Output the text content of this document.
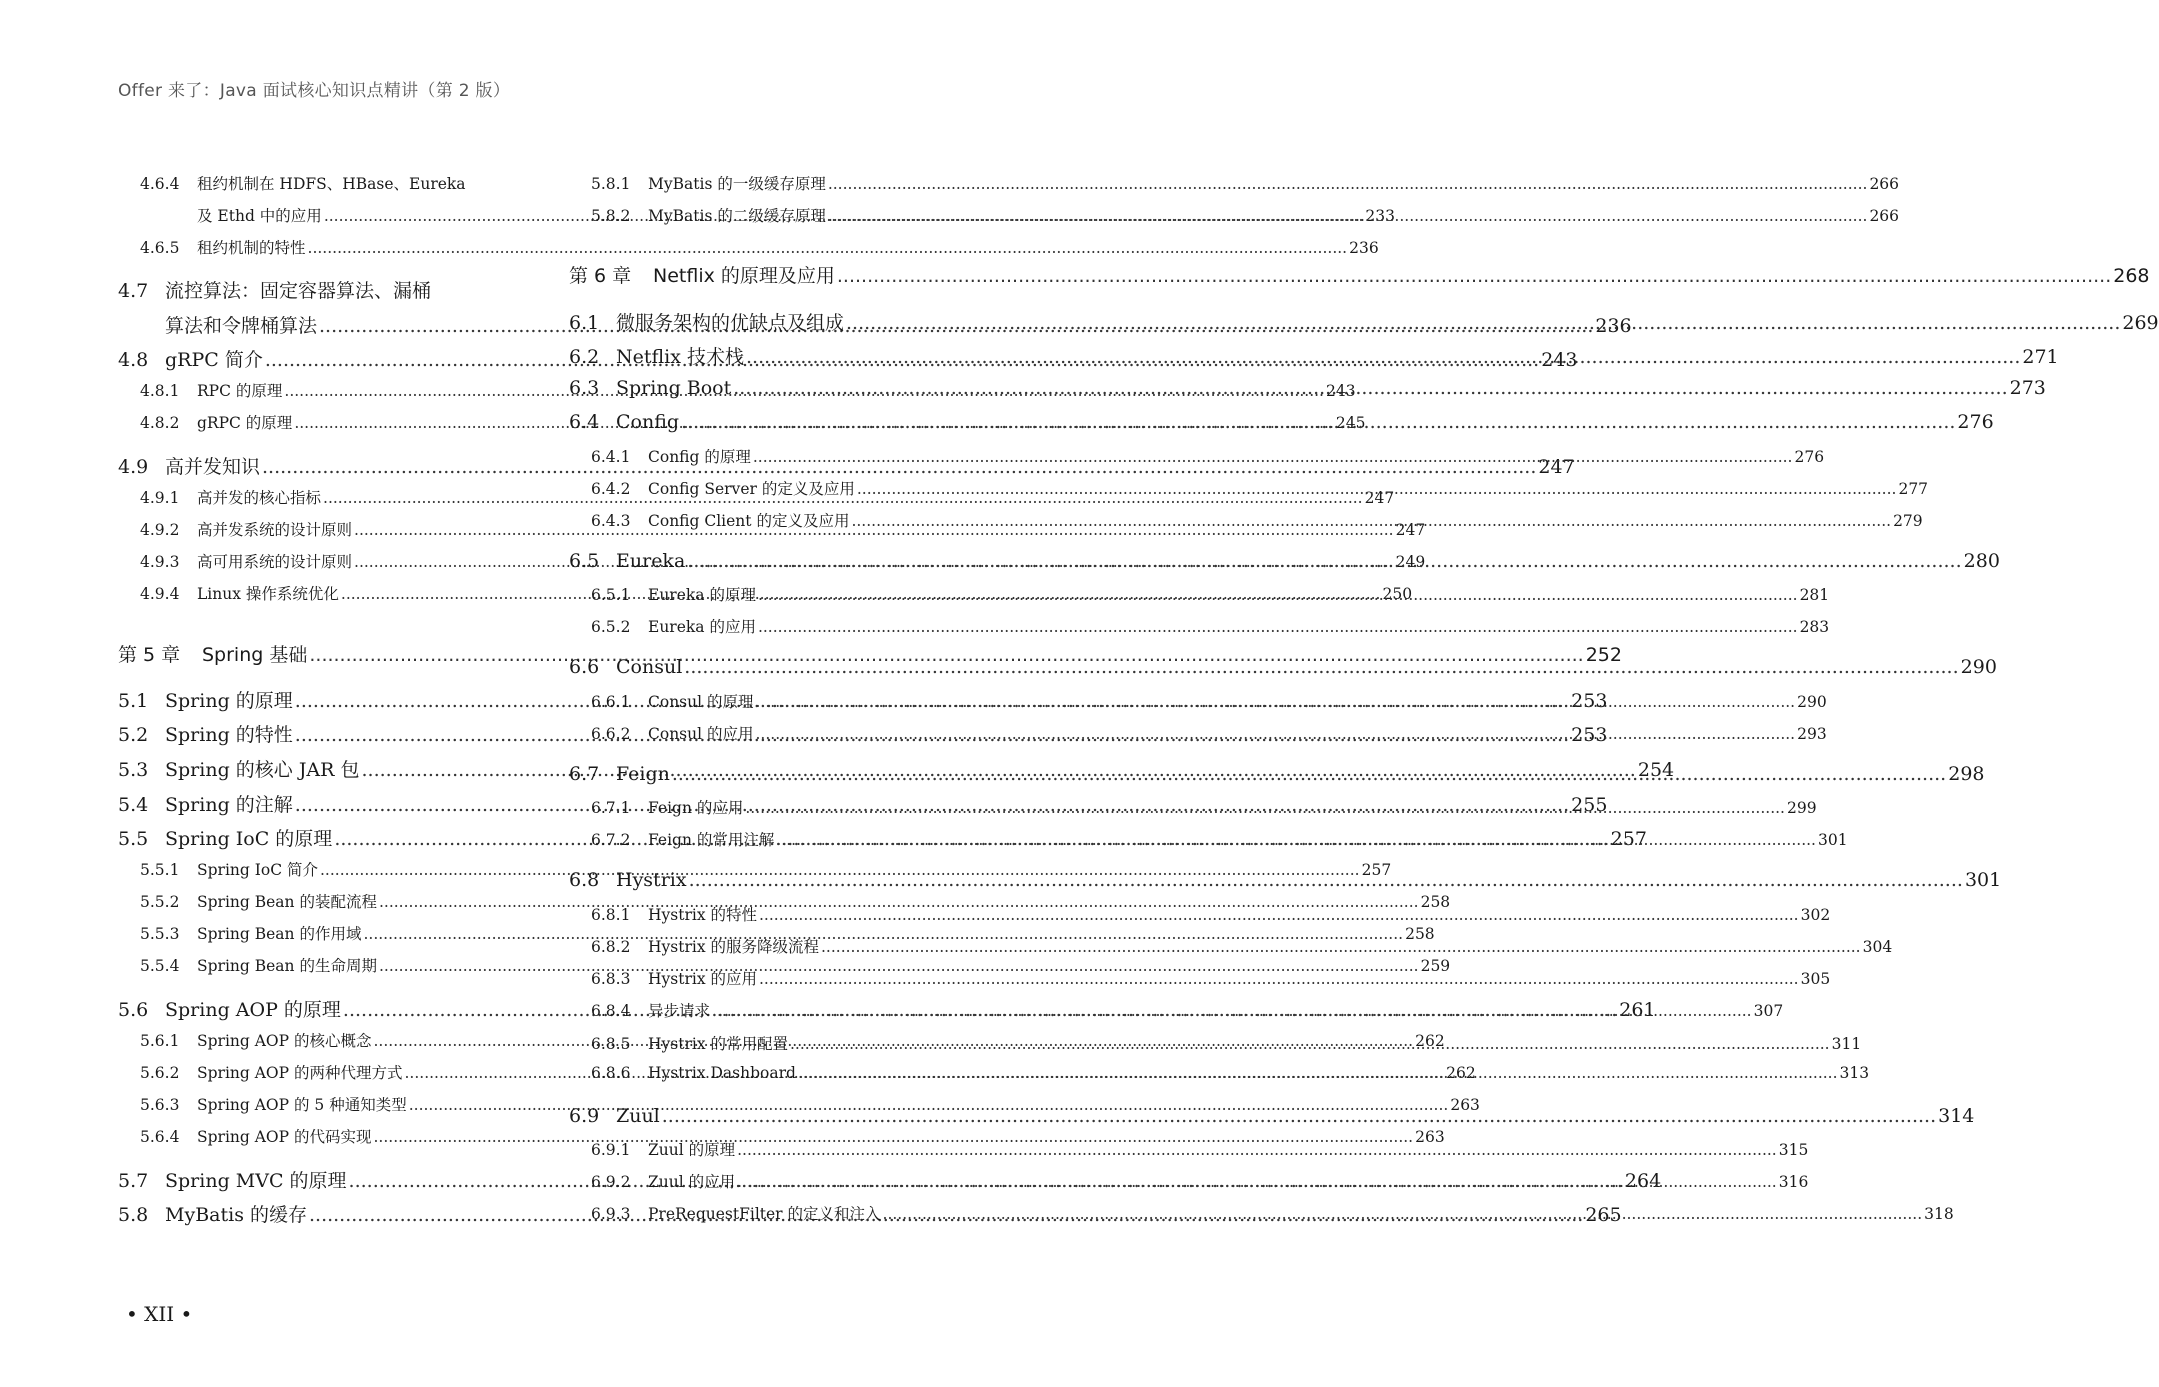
Offer 来了：Java 面试核心知识点精讲（第 2 版）
4.6.4	租约机制在 HDFS、HBase、Eureka
及 Ethd 中的应用 .....	233
4.6.5	租约机制的特性 .....	236
4.7 流控算法：固定容器算法、漏桶
算法和令牌桶算法 .....	236
4.8 gRPC 简介 .....	243
4.8.1	RPC 的原理 .....	243
4.8.2	gRPC 的原理 .....	245
4.9 高并发知识 .....	247
4.9.1	高并发的核心指标 .....	247
4.9.2	高并发系统的设计原则 .....	247
4.9.3	高可用系统的设计原则 .....	249
4.9.4	Linux 操作系统优化 .....	250
第 5 章	Spring 基础 .....	252
5.1 Spring 的原理 .....	253
5.2 Spring 的特性 .....	253
5.3 Spring 的核心 JAR 包 .....	254
5.4 Spring 的注解 .....	255
5.5 Spring IoC 的原理 .....	257
5.5.1	Spring IoC 简介 .....	257
5.5.2	Spring Bean 的装配流程 .....	258
5.5.3	Spring Bean 的作用域 .....	258
5.5.4	Spring Bean 的生命周期 .....	259
5.6 Spring AOP 的原理 .....	261
5.6.1	Spring AOP 的核心概念 .....	262
5.6.2	Spring AOP 的两种代理方式 .....	262
5.6.3	Spring AOP 的 5 种通知类型 .....	263
5.6.4	Spring AOP 的代码实现 .....	263
5.7 Spring MVC 的原理 .....	264
5.8 MyBatis 的缓存 .....	265
5.8.1	MyBatis 的一级缓存原理 .....	266
5.8.2	MyBatis 的二级缓存原理 .....	266
第 6 章	Netflix 的原理及应用 .....	268
6.1 微服务架构的优缺点及组成 .....	269
6.2 Netflix 技术栈 .....	271
6.3 Spring Boot .....	273
6.4 Config .....	276
6.4.1	Config 的原理 .....	276
6.4.2	Config Server 的定义及应用 .....	277
6.4.3	Config Client 的定义及应用 .....	279
6.5 Eureka .....	280
6.5.1	Eureka 的原理 .....	281
6.5.2	Eureka 的应用 .....	283
6.6 Consul .....	290
6.6.1	Consul 的原理 .....	290
6.6.2	Consul 的应用 .....	293
6.7 Feign .....	298
6.7.1	Feign 的应用 .....	299
6.7.2	Feign 的常用注解 .....	301
6.8 Hystrix .....	301
6.8.1	Hystrix 的特性 .....	302
6.8.2	Hystrix 的服务降级流程 .....	304
6.8.3	Hystrix 的应用 .....	305
6.8.4	异步请求 .....	307
6.8.5	Hystrix 的常用配置 .....	311
6.8.6	Hystrix Dashboard .....	313
6.9 Zuul .....	314
6.9.1	Zuul 的原理 .....	315
6.9.2	Zuul 的应用 .....	316
6.9.3	PreRequestFilter 的定义和注入 .....	318
• XII •
